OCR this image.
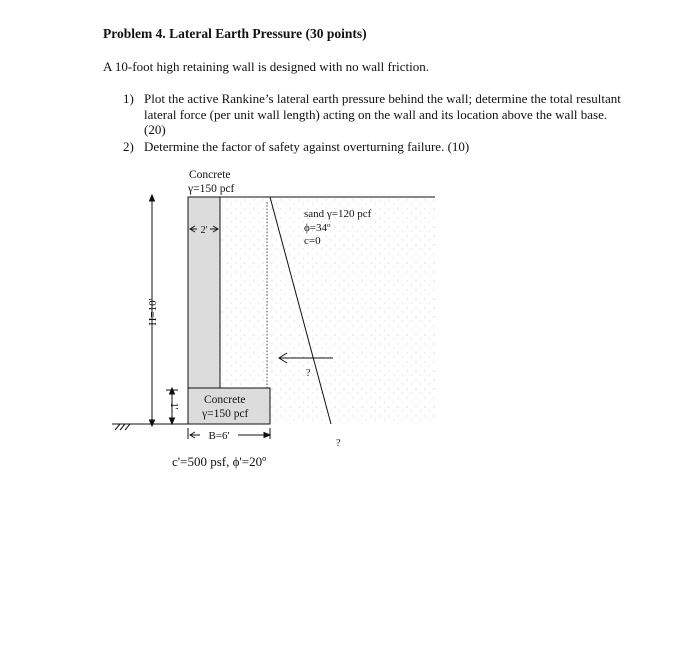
Problem 4. Lateral Earth Pressure (30 points)
A 10-foot high retaining wall is designed with no wall friction.
1) Plot the active Rankine’s lateral earth pressure behind the wall; determine the total resultant lateral force (per unit wall length) acting on the wall and its location above the wall base. (20)
2) Determine the factor of safety against overturning failure. (10)
H=10'
1'
2'
Concrete
γ=150 pcf
Concrete
γ=150 pcf
sand γ=120 pcf
ϕ=34º
c=0
?
B=6'
?
c'=500 psf, ϕ'=20º
